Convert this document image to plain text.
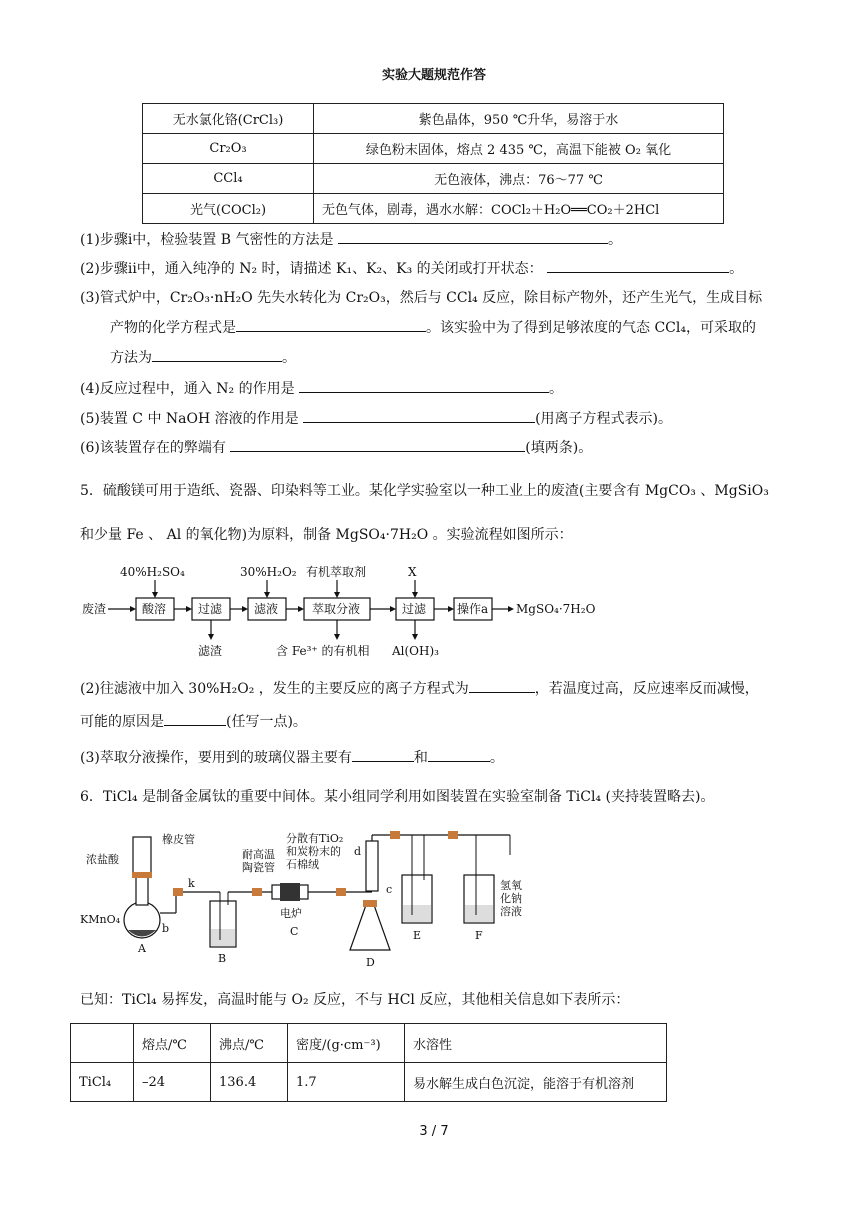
实验大题规范作答
无水氯化铬(CrCl₃)	紫色晶体，950 ℃升华，易溶于水
Cr₂O₃	绿色粉末固体，熔点 2 435 ℃，高温下能被 O₂ 氧化
CCl₄	无色液体，沸点：76～77 ℃
光气(COCl₂)	无色气体，剧毒，遇水水解：COCl₂＋H₂O══CO₂＋2HCl
(1)步骤ⅰ中，检验装置 B 气密性的方法是	。
(2)步骤ⅱ中，通入纯净的 N₂ 时，请描述 K₁、K₂、K₃ 的关闭或打开状态：	。
(3)管式炉中，Cr₂O₃·nH₂O 先失水转化为 Cr₂O₃，然后与 CCl₄ 反应，除目标产物外，还产生光气，生成目标
产物的化学方程式是	。该实验中为了得到足够浓度的气态 CCl₄，可采取的
方法为	。
(4)反应过程中，通入 N₂ 的作用是	。
(5)装置 C 中 NaOH 溶液的作用是	(用离子方程式表示)。
(6)该装置存在的弊端有	(填两条)。
5．硫酸镁可用于造纸、瓷器、印染料等工业。某化学实验室以一种工业上的废渣(主要含有 MgCO₃ 、MgSiO₃
和少量 Fe 、 Al 的氧化物)为原料，制备 MgSO₄·7H₂O 。实验流程如图所示：
废渣	酸溶	过滤	滤液	萃取分液	过滤	操作a MgSO₄·7H₂O
40%H₂SO₄	30%H₂O₂ 有机萃取剂	X
滤渣	含 Fe³⁺ 的有机相 Al(OH)₃
(2)往滤液中加入 30%H₂O₂ ，发生的主要反应的离子方程式为	，若温度过高，反应速率反而减慢，
可能的原因是	(任写一点)。
(3)萃取分液操作，要用到的玻璃仪器主要有	和	。
6．TiCl₄ 是制备金属钛的重要中间体。某小组同学利用如图装置在实验室制备 TiCl₄ (夹持装置略去)。
浓盐酸
橡皮管
KMnO₄
A
b
k
B
耐高温
陶瓷管
分散有TiO₂
和炭粉末的
石棉绒
电炉
C
d
c
D
E	F
氢氧
化钠
溶液
已知：TiCl₄ 易挥发，高温时能与 O₂ 反应，不与 HCl 反应，其他相关信息如下表所示：
	熔点/℃	沸点/℃	密度/(g·cm⁻³)	水溶性
TiCl₄	–24	136.4	1.7	易水解生成白色沉淀，能溶于有机溶剂
3 / 7
